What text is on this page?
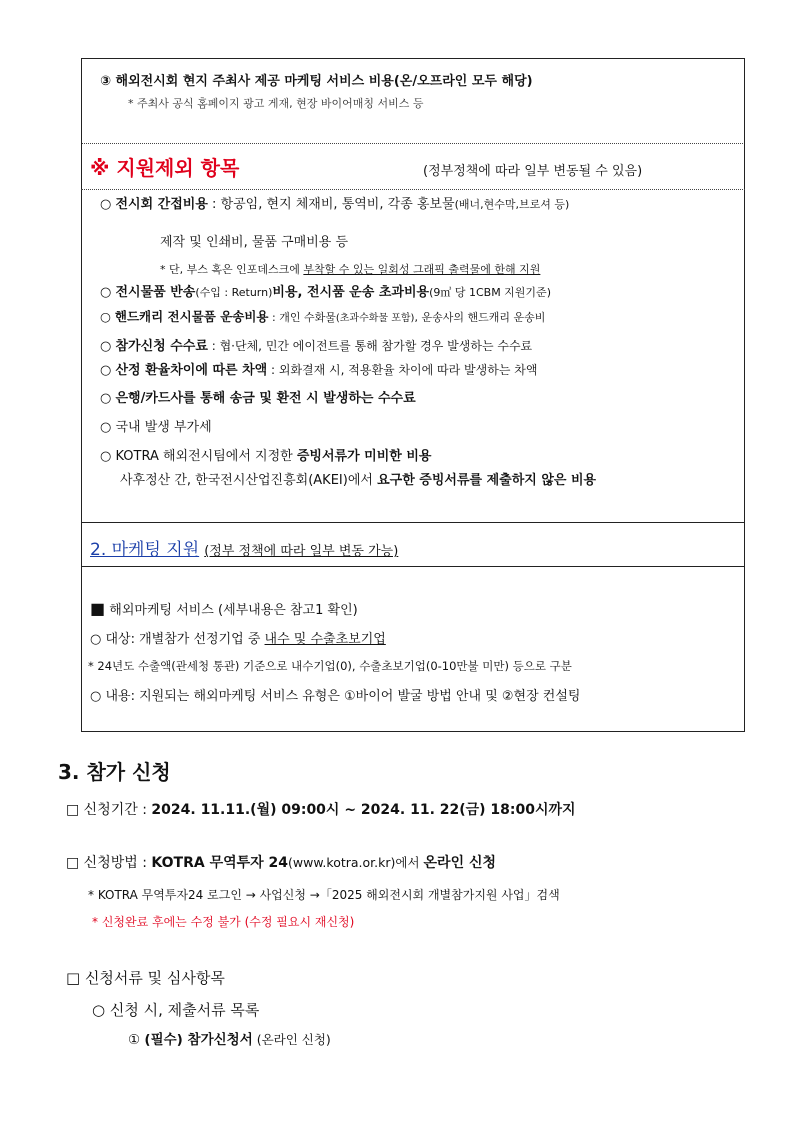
③ 해외전시회 현지 주최사 제공 마케팅 서비스 비용(온/오프라인 모두 해당)
* 주최사 공식 홈페이지 광고 게재, 현장 바이어매칭 서비스 등
※ 지원제외 항목	(정부정책에 따라 일부 변동될 수 있음)
○ 전시회 간접비용 : 항공임, 현지 체재비, 통역비, 각종 홍보물(배너,현수막,브로셔 등)
제작 및 인쇄비, 물품 구매비용 등
* 단, 부스 혹은 인포데스크에 부착할 수 있는 일회성 그래픽 출력물에 한해 지원
○ 전시물품 반송(수입 : Return)비용, 전시품 운송 초과비용(9㎥ 당 1CBM 지원기준)
○ 핸드캐리 전시물품 운송비용 : 개인 수화물(초과수화물 포함), 운송사의 핸드캐리 운송비
○ 참가신청 수수료 : 협·단체, 민간 에이전트를 통해 참가할 경우 발생하는 수수료
○ 산정 환율차이에 따른 차액 : 외화결재 시, 적용환율 차이에 따라 발생하는 차액
○ 은행/카드사를 통해 송금 및 환전 시 발생하는 수수료
○ 국내 발생 부가세
○ KOTRA 해외전시팀에서 지정한 증빙서류가 미비한 비용
사후정산 간, 한국전시산업진흥회(AKEI)에서 요구한 증빙서류를 제출하지 않은 비용
2. 마케팅 지원 (정부 정책에 따라 일부 변동 가능)
■ 해외마케팅 서비스 (세부내용은 참고1 확인)
○ 대상: 개별참가 선정기업 중 내수 및 수출초보기업
* 24년도 수출액(관세청 통관) 기준으로 내수기업(0), 수출초보기업(0-10만불 미만) 등으로 구분
○ 내용: 지원되는 해외마케팅 서비스 유형은 ①바이어 발굴 방법 안내 및 ②현장 컨설팅
3. 참가 신청
□ 신청기간 : 2024. 11.11.(월) 09:00시 ~ 2024. 11. 22(금) 18:00시까지
□ 신청방법 : KOTRA 무역투자 24(www.kotra.or.kr)에서 온라인 신청
* KOTRA 무역투자24 로그인 → 사업신청 →「2025 해외전시회 개별참가지원 사업」검색
* 신청완료 후에는 수정 불가 (수정 필요시 재신청)
□ 신청서류 및 심사항목
○ 신청 시, 제출서류 목록
① (필수) 참가신청서 (온라인 신청)
